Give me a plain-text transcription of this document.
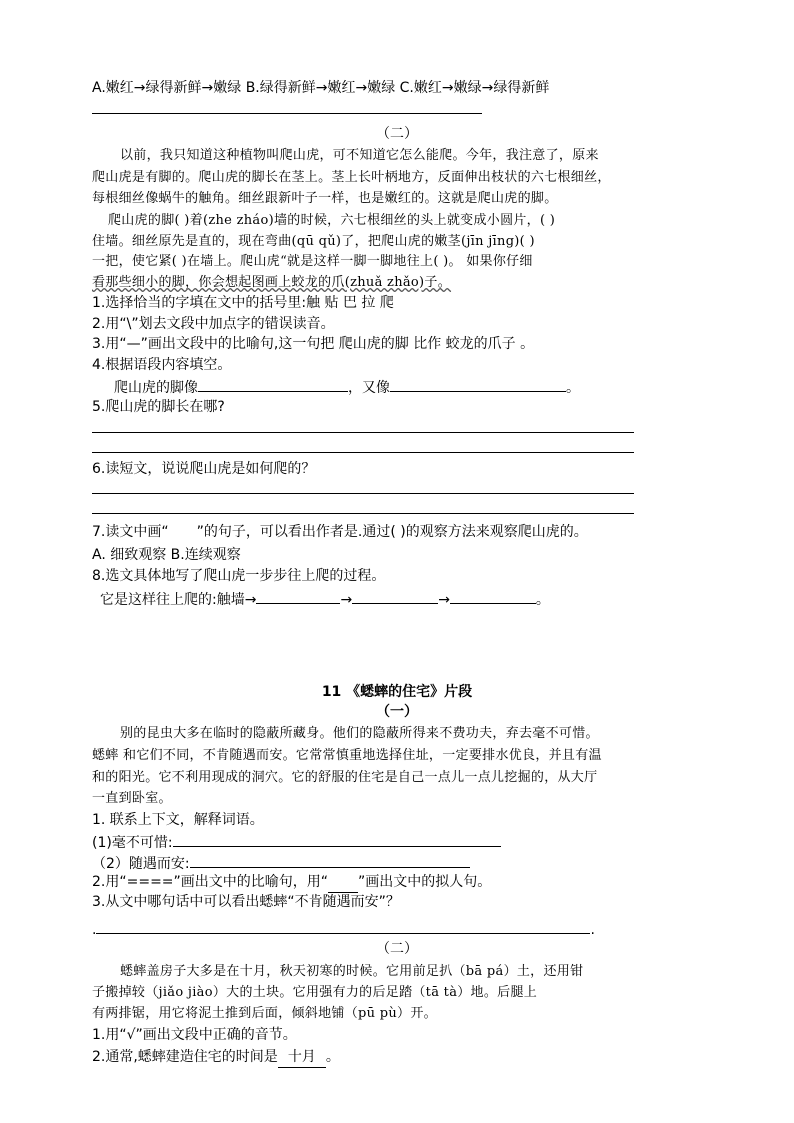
A.嫩红→绿得新鲜→嫩绿 B.绿得新鲜→嫩红→嫩绿 C.嫩红→嫩绿→绿得新鲜
（二）
以前，我只知道这种植物叫爬山虎，可不知道它怎么能爬。今年，我注意了，原来
爬山虎是有脚的。爬山虎的脚长在茎上。茎上长叶柄地方，反面伸出枝状的六七根细丝，
每根细丝像蜗牛的触角。细丝跟新叶子一样，也是嫩红的。这就是爬山虎的脚。
爬山虎的脚( )着(zhe zháo)墙的时候，六七根细丝的头上就变成小圆片，( )
住墙。细丝原先是直的，现在弯曲(qū qǔ)了，把爬山虎的嫩茎(jīn jīng)( )
一把，使它紧( )在墙上。爬山虎“就是这样一脚一脚地往上( )。 如果你仔细
看那些细小的脚，你会想起图画上蛟龙的爪(zhuǎ zhǎo)子。
1.选择恰当的字填在文中的括号里:触 贴 巴 拉 爬
2.用“\”划去文段中加点字的错误读音。
3.用“—”画出文段中的比喻句,这一句把 爬山虎的脚 比作 蛟龙的爪子 。
4.根据语段内容填空。
爬山虎的脚像	，又像	。
5.爬山虎的脚长在哪?
6.读短文，说说爬山虎是如何爬的？
7.读文中画“ ”的句子，可以看出作者是.通过( )的观察方法来观察爬山虎的。
A. 细致观察 B.连续观察
8.选文具体地写了爬山虎一步步往上爬的过程。
它是这样往上爬的:触墙→	→	→	。
11 《蟋蟀的住宅》片段
（一）
别的昆虫大多在临时的隐蔽所藏身。他们的隐蔽所得来不费功夫，弃去毫不可惜。
蟋蟀 和它们不同，不肯随遇而安。它常常慎重地选择住址，一定要排水优良，并且有温
和的阳光。它不利用现成的洞穴。它的舒服的住宅是自己一点儿一点儿挖掘的，从大厅
一直到卧室。
1. 联系上下文，解释词语。
(1)毫不可惜:
（2）随遇而安:
2.用“====”画出文中的比喻句，用“ ”画出文中的拟人句。
3.从文中哪句话中可以看出蟋蟀“不肯随遇而安”？
.	.
（二）
蟋蟀盖房子大多是在十月，秋天初寒的时候。它用前足扒（bā pá）土，还用钳
子搬掉较（jiǎo jiào）大的土块。它用强有力的后足踏（tā tà）地。后腿上
有两排锯，用它将泥土推到后面，倾斜地铺（pū pù）开。
1.用“√”画出文段中正确的音节。
2.通常,蟋蟀建造住宅的时间是 十月 。
